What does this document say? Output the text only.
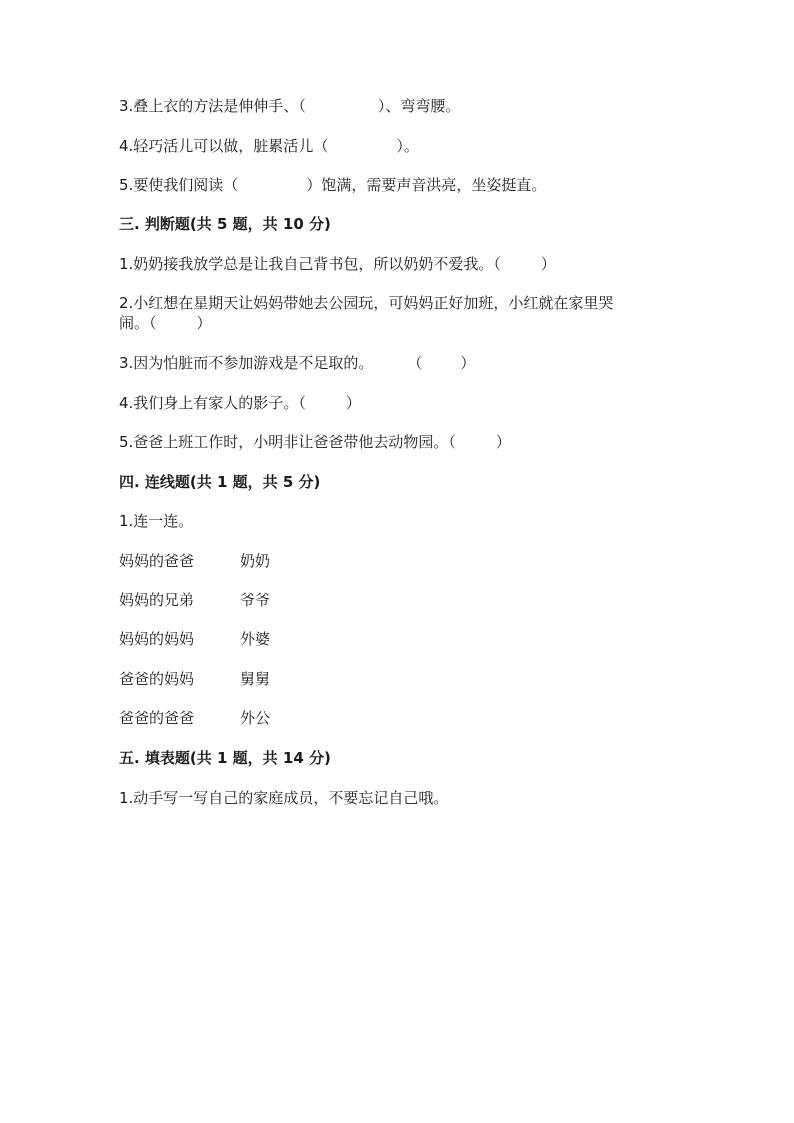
3.叠上衣的方法是伸伸手、（	）、弯弯腰。
4.轻巧活儿可以做，脏累活儿（	）。
5.要使我们阅读（	）饱满，需要声音洪亮，坐姿挺直。
三. 判断题(共 5 题，共 10 分)
1.奶奶接我放学总是让我自己背书包，所以奶奶不爱我。（	）
2.小红想在星期天让妈妈带她去公园玩，可妈妈正好加班，小红就在家里哭
闹。（	）
3.因为怕脏而不参加游戏是不足取的。 （	）
4.我们身上有家人的影子。（	）
5.爸爸上班工作时，小明非让爸爸带他去动物园。（	）
四. 连线题(共 1 题，共 5 分)
1.连一连。
妈妈的爸爸	奶奶
妈妈的兄弟	爷爷
妈妈的妈妈	外婆
爸爸的妈妈	舅舅
爸爸的爸爸	外公
五. 填表题(共 1 题，共 14 分)
1.动手写一写自己的家庭成员，不要忘记自己哦。
